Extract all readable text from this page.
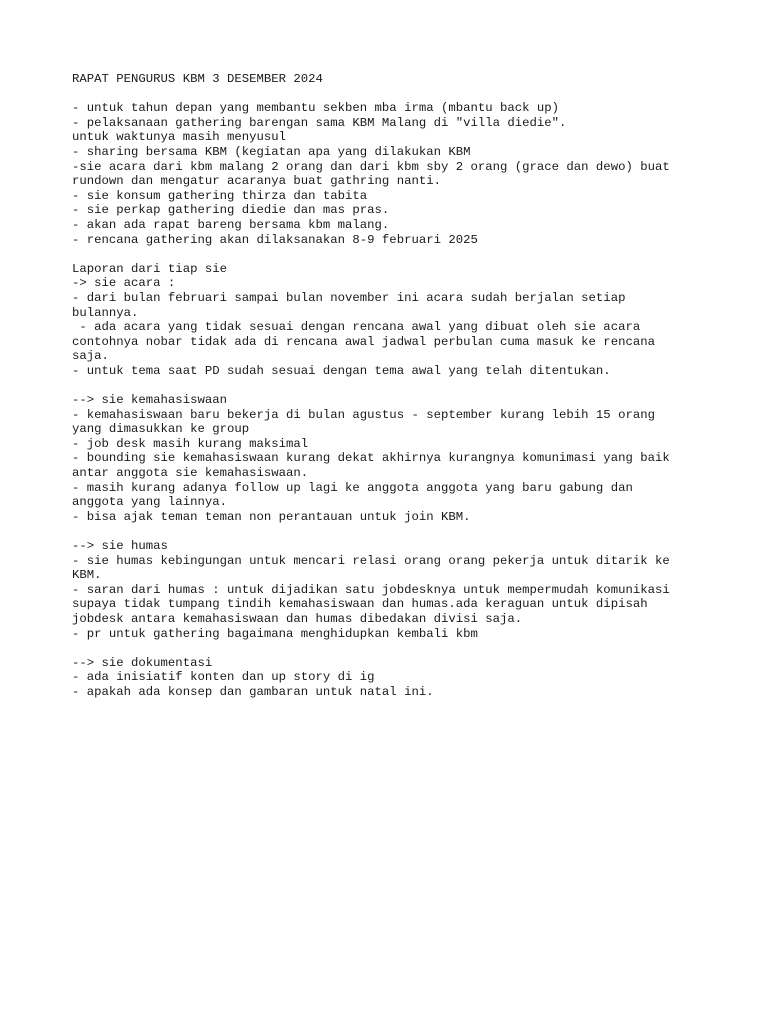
RAPAT PENGURUS KBM 3 DESEMBER 2024
- untuk tahun depan yang membantu sekben mba irma (mbantu back up)
- pelaksanaan gathering barengan sama KBM Malang di "villa diedie".
untuk waktunya masih menyusul
- sharing bersama KBM (kegiatan apa yang dilakukan KBM
-sie acara dari kbm malang 2 orang dan dari kbm sby 2 orang (grace dan dewo) buat
rundown dan mengatur acaranya buat gathring nanti.
- sie konsum gathering thirza dan tabita
- sie perkap gathering diedie dan mas pras.
- akan ada rapat bareng bersama kbm malang.
- rencana gathering akan dilaksanakan 8-9 februari 2025
Laporan dari tiap sie
-> sie acara :
- dari bulan februari sampai bulan november ini acara sudah berjalan setiap
bulannya.
- ada acara yang tidak sesuai dengan rencana awal yang dibuat oleh sie acara
contohnya nobar tidak ada di rencana awal jadwal perbulan cuma masuk ke rencana
saja.
- untuk tema saat PD sudah sesuai dengan tema awal yang telah ditentukan.
--> sie kemahasiswaan
- kemahasiswaan baru bekerja di bulan agustus - september kurang lebih 15 orang
yang dimasukkan ke group
- job desk masih kurang maksimal
- bounding sie kemahasiswaan kurang dekat akhirnya kurangnya komunimasi yang baik
antar anggota sie kemahasiswaan.
- masih kurang adanya follow up lagi ke anggota anggota yang baru gabung dan
anggota yang lainnya.
- bisa ajak teman teman non perantauan untuk join KBM.
--> sie humas
- sie humas kebingungan untuk mencari relasi orang orang pekerja untuk ditarik ke
KBM.
- saran dari humas : untuk dijadikan satu jobdesknya untuk mempermudah komunikasi
supaya tidak tumpang tindih kemahasiswaan dan humas.ada keraguan untuk dipisah
jobdesk antara kemahasiswaan dan humas dibedakan divisi saja.
- pr untuk gathering bagaimana menghidupkan kembali kbm
--> sie dokumentasi
- ada inisiatif konten dan up story di ig
- apakah ada konsep dan gambaran untuk natal ini.
